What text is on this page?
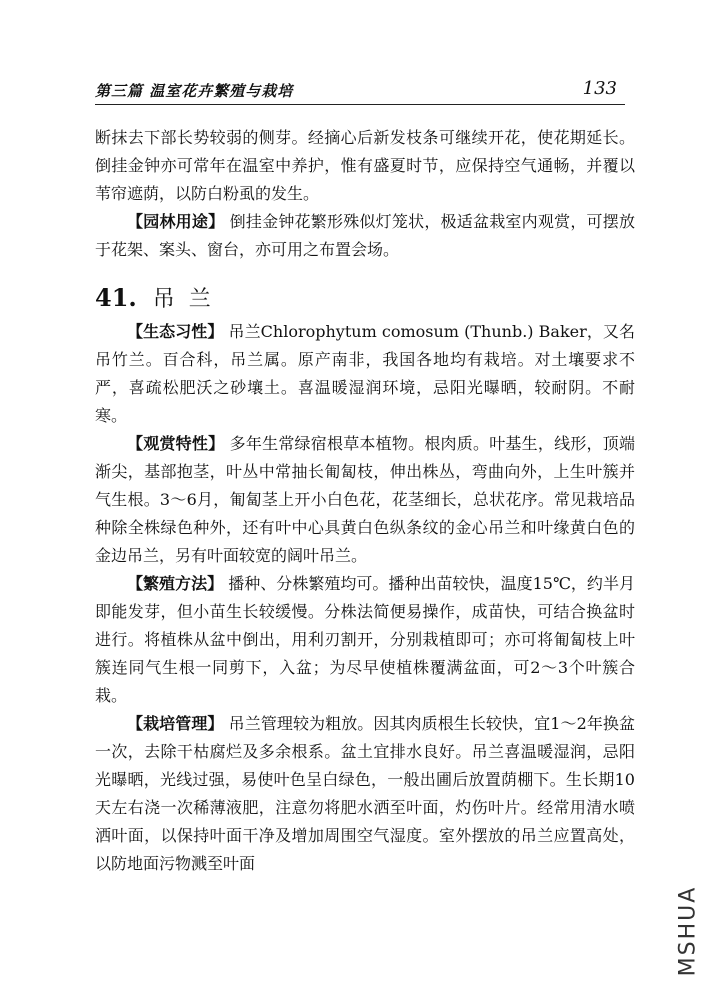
第三篇 温室花卉繁殖与栽培	133

断抹去下部长势较弱的侧芽。经摘心后新发枝条可继续开花，使花期延长。倒挂金钟亦可常年在温室中养护，惟有盛夏时节，应保持空气通畅，并覆以苇帘遮荫，以防白粉虱的发生。

【园林用途】 倒挂金钟花繁形殊似灯笼状，极适盆栽室内观赏，可摆放于花架、案头、窗台，亦可用之布置会场。

41. 吊兰

【生态习性】 吊兰Chlorophytum comosum (Thunb.) Baker，又名吊竹兰。百合科，吊兰属。原产南非，我国各地均有栽培。对土壤要求不严，喜疏松肥沃之砂壤土。喜温暖湿润环境，忌阳光曝晒，较耐阴。不耐寒。

【观赏特性】 多年生常绿宿根草本植物。根肉质。叶基生，线形，顶端渐尖，基部抱茎，叶丛中常抽长匍匐枝，伸出株丛，弯曲向外，上生叶簇并气生根。3～6月，匍匐茎上开小白色花，花茎细长，总状花序。常见栽培品种除全株绿色种外，还有叶中心具黄白色纵条纹的金心吊兰和叶缘黄白色的金边吊兰，另有叶面较宽的阔叶吊兰。

【繁殖方法】 播种、分株繁殖均可。播种出苗较快，温度15℃，约半月即能发芽，但小苗生长较缓慢。分株法简便易操作，成苗快，可结合换盆时进行。将植株从盆中倒出，用利刃割开，分别栽植即可；亦可将匍匐枝上叶簇连同气生根一同剪下，入盆；为尽早使植株覆满盆面，可2～3个叶簇合栽。

【栽培管理】 吊兰管理较为粗放。因其肉质根生长较快，宜1～2年换盆一次，去除干枯腐烂及多余根系。盆土宜排水良好。吊兰喜温暖湿润，忌阳光曝晒，光线过强，易使叶色呈白绿色，一般出圃后放置荫棚下。生长期10天左右浇一次稀薄液肥，注意勿将肥水洒至叶面，灼伤叶片。经常用清水喷洒叶面，以保持叶面干净及增加周围空气湿度。室外摆放的吊兰应置高处，以防地面污物溅至叶面

MSHUA
